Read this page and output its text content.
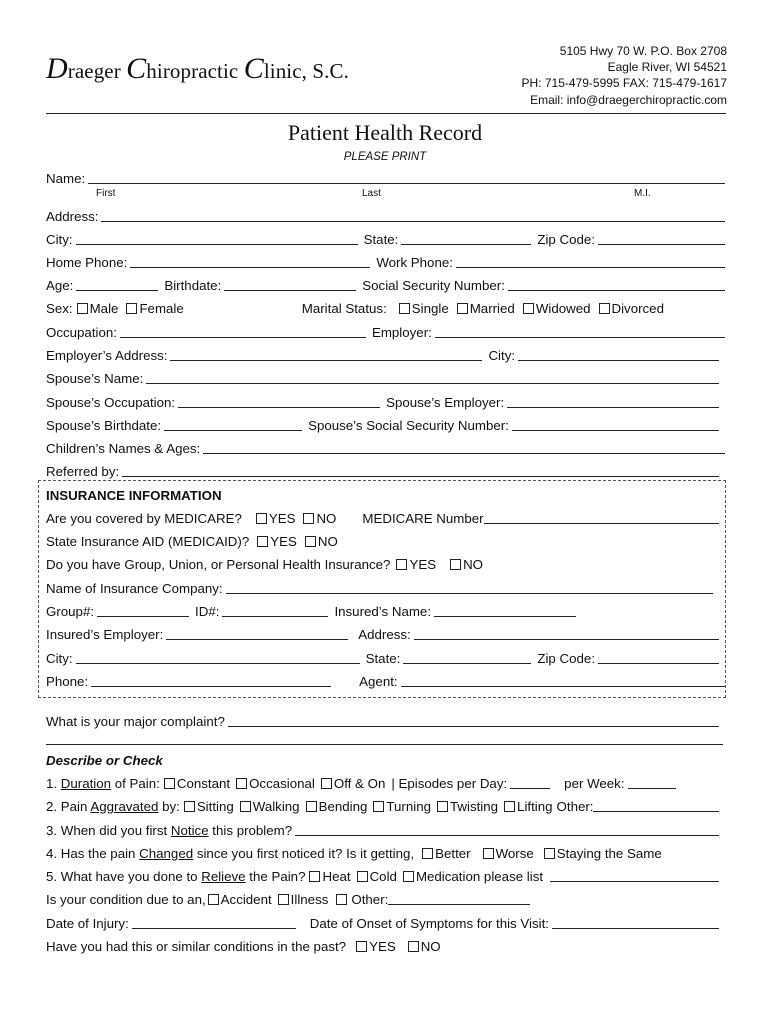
Draeger Chiropractic Clinic, S.C.
5105 Hwy 70 W. P.O. Box 2708
Eagle River, WI 54521
PH: 715-479-5995 FAX: 715-479-1617
Email: info@draegerchiropractic.com
Patient Health Record
PLEASE PRINT
Name:
First	Last	M.I.
Address:
City:	State:	Zip Code:
Home Phone:	Work Phone:
Age:	Birthdate:	Social Security Number:
Sex: Male Female	Marital Status: Single Married Widowed Divorced
Occupation:	Employer:
Employer’s Address:	City:
Spouse’s Name:
Spouse’s Occupation:	Spouse’s Employer:
Spouse’s Birthdate:	Spouse’s Social Security Number:
Children’s Names & Ages:
Referred by:
INSURANCE INFORMATION
Are you covered by MEDICARE? YES NO MEDICARE Number
State Insurance AID (MEDICAID)? YES NO
Do you have Group, Union, or Personal Health Insurance? YES NO
Name of Insurance Company:
Group#:	ID#:	Insured’s Name:
Insured’s Employer:	Address:
City:	State:	Zip Code:
Phone:	Agent:
What is your major complaint?
Describe or Check
1. Duration of Pain: Constant Occasional Off & On | Episodes per Day:	per Week:
2. Pain Aggravated by: Sitting Walking Bending Turning Twisting Lifting Other:
3. When did you first Notice this problem?
4. Has the pain Changed since you first noticed it? Is it getting, Better Worse Staying the Same
5. What have you done to Relieve the Pain? Heat Cold Medication please list
Is your condition due to an, Accident Illness Other:
Date of Injury:	Date of Onset of Symptoms for this Visit:
Have you had this or similar conditions in the past? YES NO
